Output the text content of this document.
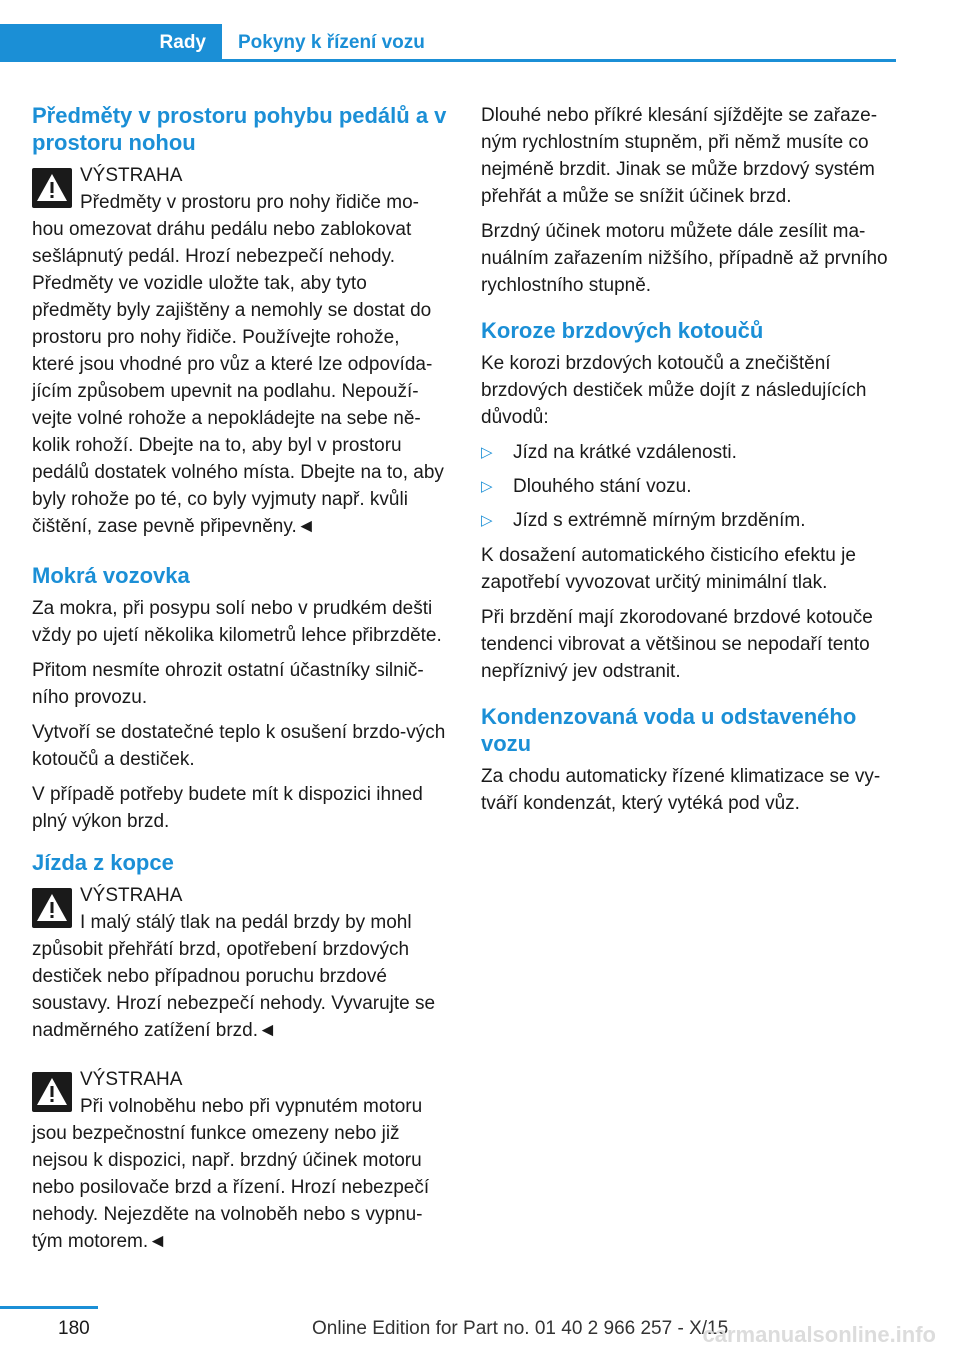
Rady	Pokyny k řízení vozu
Předměty v prostoru pohybu pedálů a v prostoru nohou
VÝSTRAHA
Předměty v prostoru pro nohy řidiče mo-
hou omezovat dráhu pedálu nebo zablokovat sešlápnutý pedál. Hrozí nebezpečí nehody. Předměty ve vozidle uložte tak, aby tyto předměty byly zajištěny a nemohly se dostat do prostoru pro nohy řidiče. Používejte rohože, které jsou vhodné pro vůz a které lze odpovída-jícím způsobem upevnit na podlahu. Nepouží-vejte volné rohože a nepokládejte na sebe ně-kolik rohoží. Dbejte na to, aby byl v prostoru pedálů dostatek volného místa. Dbejte na to, aby byly rohože po té, co byly vyjmuty např. kvůli čištění, zase pevně připevněny.◄
Mokrá vozovka

Za mokra, při posypu solí nebo v prudkém dešti vždy po ujetí několika kilometrů lehce přibrzděte.

Přitom nesmíte ohrozit ostatní účastníky silnič-ního provozu.

Vytvoří se dostatečné teplo k osušení brzdo-vých kotoučů a destiček.

V případě potřeby budete mít k dispozici ihned plný výkon brzd.

Jízda z kopce
VÝSTRAHA
I malý stálý tlak na pedál brzdy by mohl
způsobit přehřátí brzd, opotřebení brzdových destiček nebo případnou poruchu brzdové soustavy. Hrozí nebezpečí nehody. Vyvarujte se nadměrného zatížení brzd.◄
VÝSTRAHA
Při volnoběhu nebo při vypnutém motoru
jsou bezpečnostní funkce omezeny nebo již nejsou k dispozici, např. brzdný účinek motoru nebo posilovače brzd a řízení. Hrozí nebezpečí nehody. Nejezděte na volnoběh nebo s vypnu-tým motorem.◄

Dlouhé nebo příkré klesání sjíždějte se zařaze-ným rychlostním stupněm, při němž musíte co nejméně brzdit. Jinak se může brzdový systém přehřát a může se snížit účinek brzd.

Brzdný účinek motoru můžete dále zesílit ma-nuálním zařazením nižšího, případně až prvního rychlostního stupně.

Koroze brzdových kotoučů

Ke korozi brzdových kotoučů a znečištění brzdových destiček může dojít z následujících důvodů:

▷ Jízd na krátké vzdálenosti.
▷ Dlouhého stání vozu.
▷ Jízd s extrémně mírným brzděním.

K dosažení automatického čisticího efektu je zapotřebí vyvozovat určitý minimální tlak.

Při brzdění mají zkorodované brzdové kotouče tendenci vibrovat a většinou se nepodaří tento nepříznivý jev odstranit.

Kondenzovaná voda u odstaveného vozu

Za chodu automaticky řízené klimatizace se vy-tváří kondenzát, který vytéká pod vůz.

180	Online Edition for Part no. 01 40 2 966 257 - X/15
carmanualsonline.info
